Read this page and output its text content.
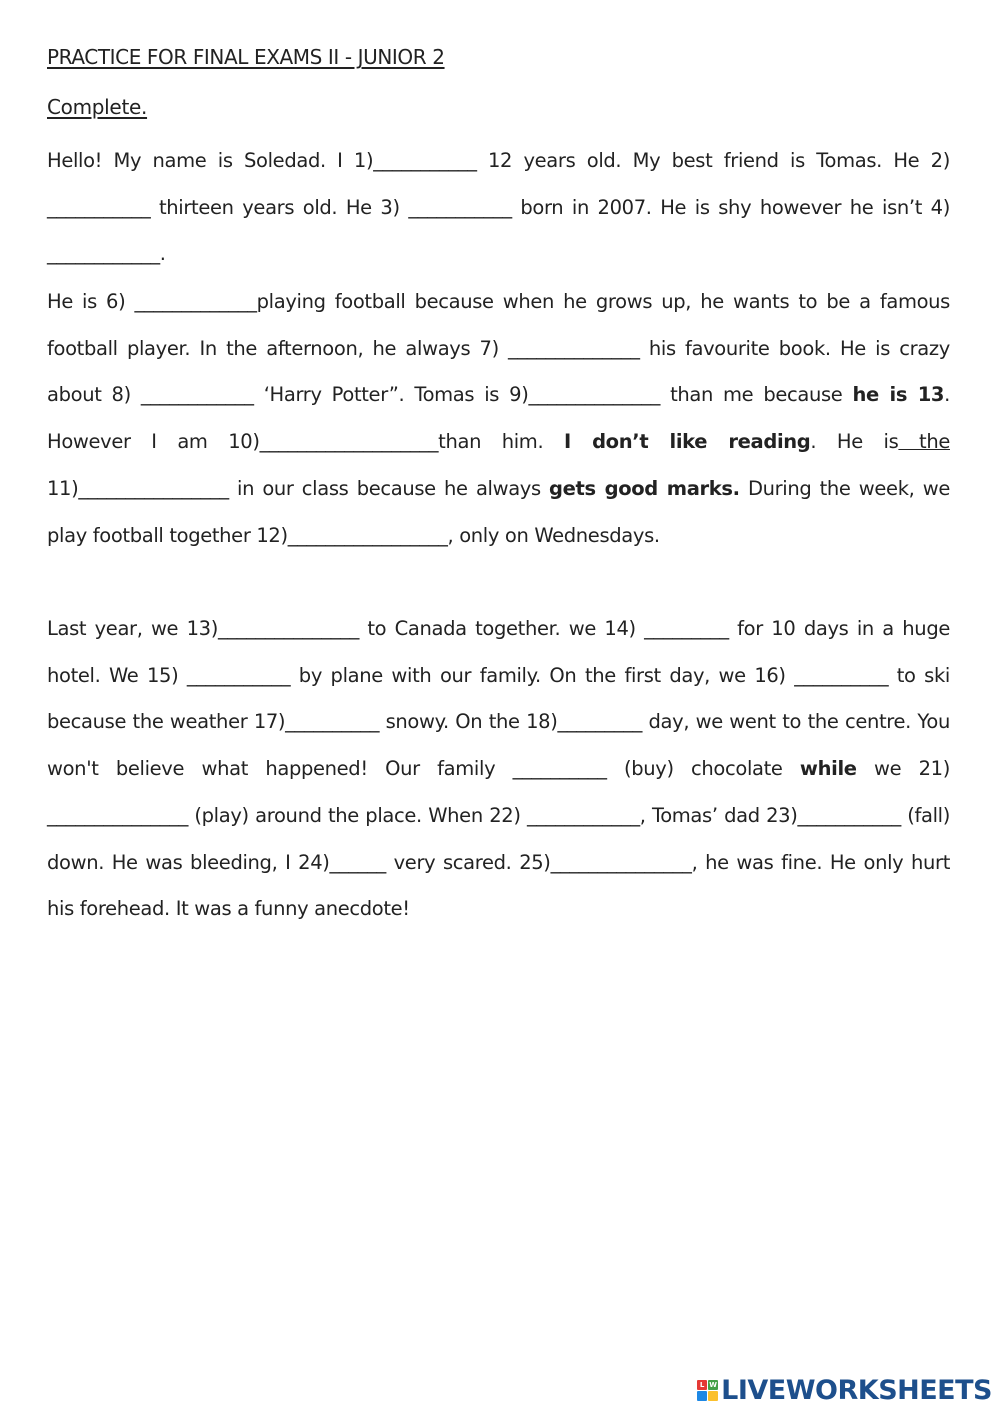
PRACTICE FOR FINAL EXAMS II - JUNIOR 2
Complete.
Hello! My name is Soledad. I 1)___________ 12 years old. My best friend is Tomas. He 2) ___________ thirteen years old. He 3) ___________ born in 2007. He is shy however he isn’t 4) ____________.
He is 6) _____________playing football because when he grows up, he wants to be a famous football player. In the afternoon, he always 7) ______________ his favourite book. He is crazy about 8) ____________ ‘Harry Potter”. Tomas is 9)______________ than me because he is 13. However I am 10)___________________than him. I don’t like reading. He is the 11)________________ in our class because he always gets good marks. During the week, we play football together 12)_________________, only on Wednesdays.
Last year, we 13)_______________ to Canada together. we 14) _________ for 10 days in a huge hotel. We 15) ___________ by plane with our family. On the first day, we 16) __________ to ski because the weather 17)__________ snowy. On the 18)_________ day, we went to the centre. You won't believe what happened! Our family __________ (buy) chocolate while we 21) _______________ (play) around the place. When 22) ____________, Tomas’ dad 23)___________ (fall) down. He was bleeding, I 24)______ very scared. 25)_______________, he was fine. He only hurt his forehead. It was a funny anecdote!
L W LIVEWORKSHEETS
